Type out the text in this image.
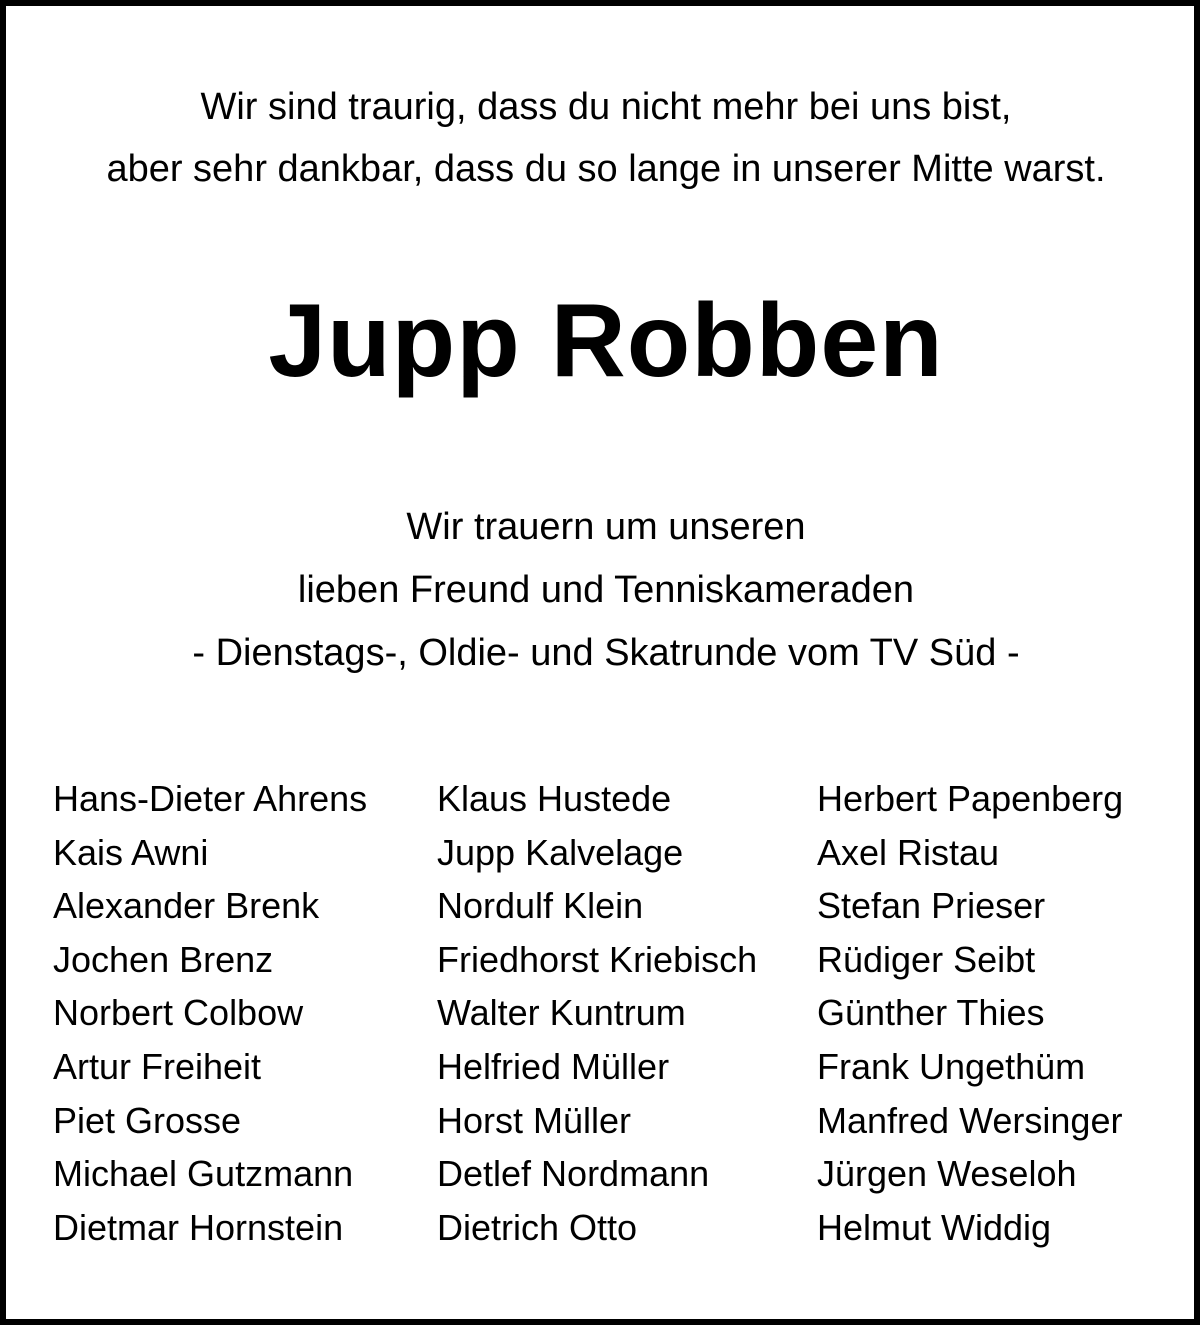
Wir sind traurig, dass du nicht mehr bei uns bist,
aber sehr dankbar, dass du so lange in unserer Mitte warst.
Jupp Robben
Wir trauern um unseren
lieben Freund und Tenniskameraden
- Dienstags-, Oldie- und Skatrunde vom TV Süd -
Hans-Dieter Ahrens
Kais Awni
Alexander Brenk
Jochen Brenz
Norbert Colbow
Artur Freiheit
Piet Grosse
Michael Gutzmann
Dietmar Hornstein
Klaus Hustede
Jupp Kalvelage
Nordulf Klein
Friedhorst Kriebisch
Walter Kuntrum
Helfried Müller
Horst Müller
Detlef Nordmann
Dietrich Otto
Herbert Papenberg
Axel Ristau
Stefan Prieser
Rüdiger Seibt
Günther Thies
Frank Ungethüm
Manfred Wersinger
Jürgen Weseloh
Helmut Widdig
